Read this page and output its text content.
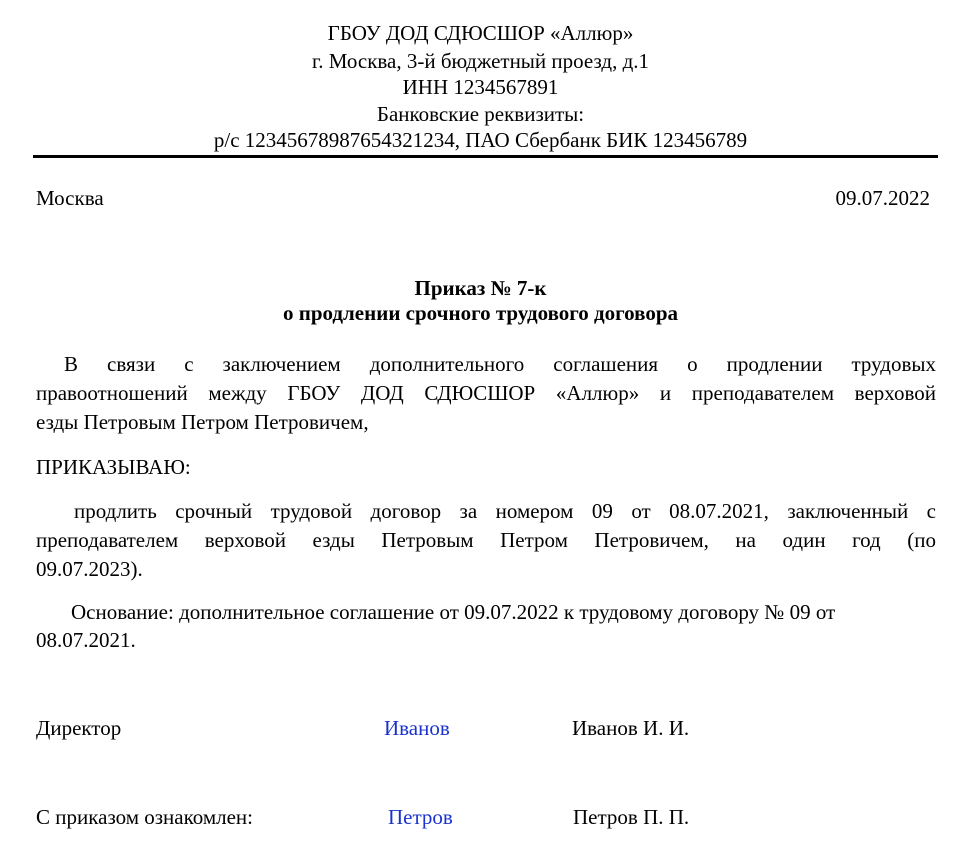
ГБОУ ДОД СДЮСШОР «Аллюр»
г. Москва, 3-й бюджетный проезд, д.1
ИНН 1234567891
Банковские реквизиты:
р/с 12345678987654321234, ПАО Сбербанк БИК 123456789
Москва	09.07.2022
Приказ № 7-к
о продлении срочного трудового договора
В связи с заключением дополнительного соглашения о продлении трудовых
правоотношений между ГБОУ ДОД СДЮСШОР «Аллюр» и преподавателем верховой
езды Петровым Петром Петровичем,
ПРИКАЗЫВАЮ:
продлить срочный трудовой договор за номером 09 от 08.07.2021, заключенный с
преподавателем верховой езды Петровым Петром Петровичем, на один год (по
09.07.2023).
Основание: дополнительное соглашение от 09.07.2022 к трудовому договору № 09 от
08.07.2021.
Директор	Иванов	Иванов И. И.
С приказом ознакомлен:	Петров	Петров П. П.
